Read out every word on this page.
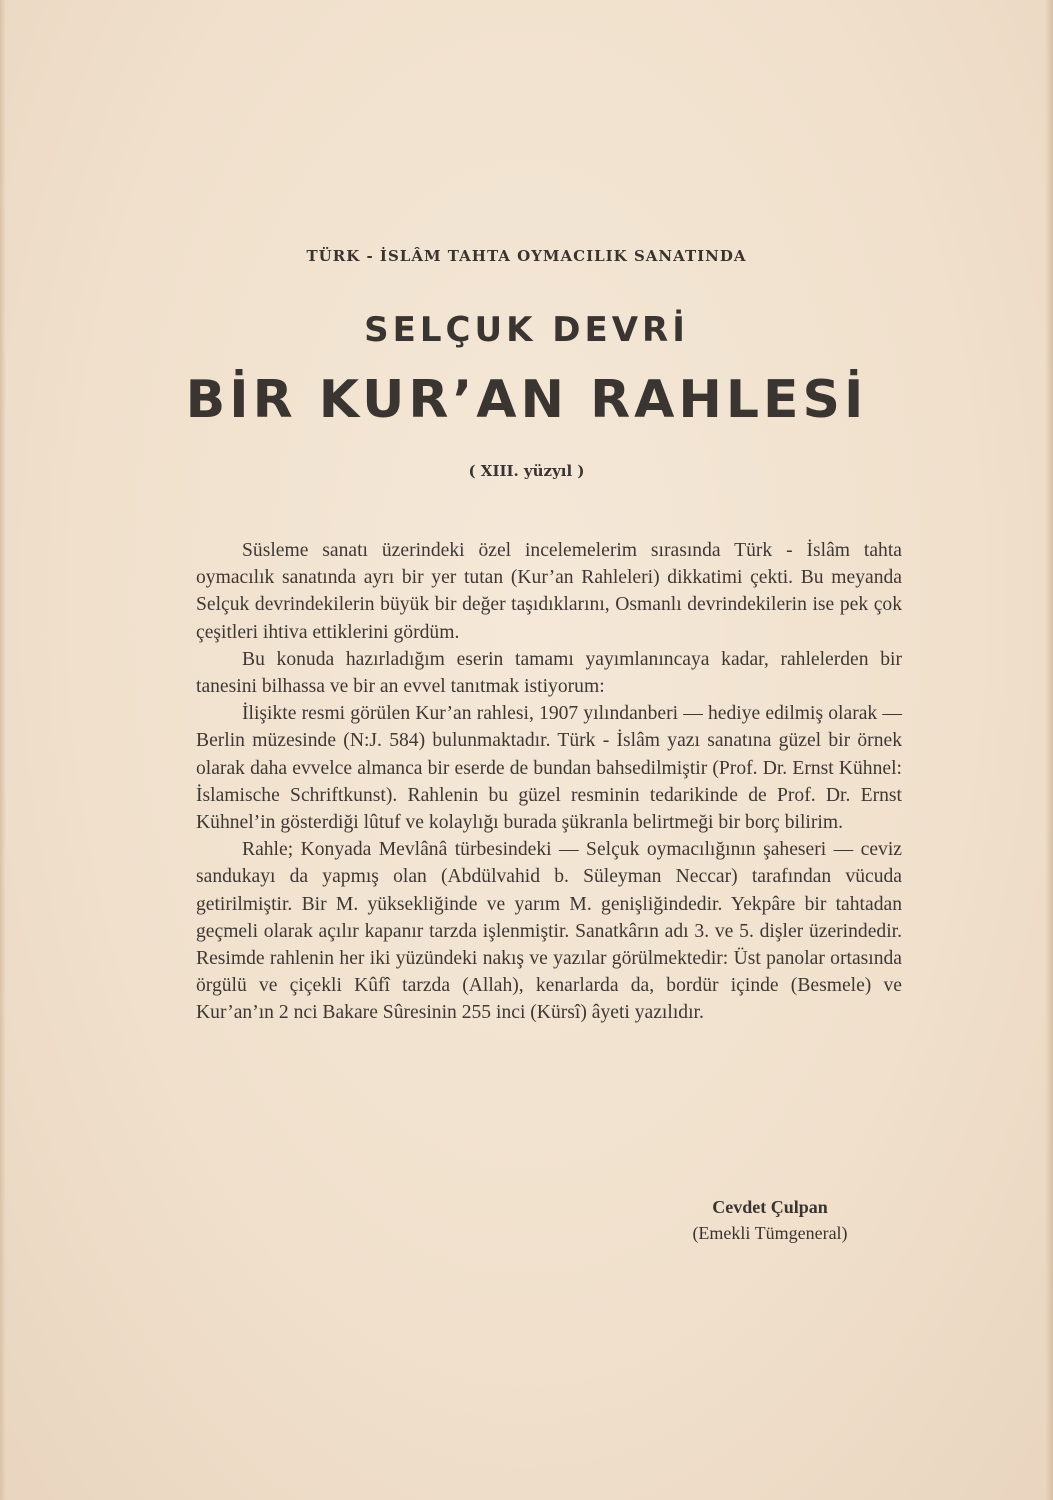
TÜRK - İSLÂM TAHTA OYMACILIK SANATINDA
SELÇUK DEVRİ
BİR KUR’AN RAHLESİ
( XIII. yüzyıl )

Süsleme sanatı üzerindeki özel incelemelerim sırasında Türk - İslâm tahta oymacılık sanatında ayrı bir yer tutan (Kur’an Rahleleri) dikkatimi çekti. Bu meyanda Selçuk devrindekilerin büyük bir değer taşıdıklarını, Osmanlı devrindekilerin ise pek çok çeşitleri ihtiva ettiklerini gördüm.

Bu konuda hazırladığım eserin tamamı yayımlanıncaya kadar, rahlelerden bir tanesini bilhassa ve bir an evvel tanıtmak istiyorum:

İlişikte resmi görülen Kur’an rahlesi, 1907 yılındanberi — hediye edilmiş olarak — Berlin müzesinde (N:J. 584) bulunmaktadır. Türk - İslâm yazı sanatına güzel bir örnek olarak daha evvelce almanca bir eserde de bundan bahsedilmiştir (Prof. Dr. Ernst Kühnel: İslamische Schriftkunst). Rahlenin bu güzel resminin tedarikinde de Prof. Dr. Ernst Kühnel’in gösterdiği lûtuf ve kolaylığı burada şükranla belirtmeği bir borç bilirim.

Rahle; Konyada Mevlânâ türbesindeki — Selçuk oymacılığının şaheseri — ceviz sandukayı da yapmış olan (Abdülvahid b. Süleyman Neccar) tarafından vücuda getirilmiştir. Bir M. yüksekliğinde ve yarım M. genişliğindedir. Yekpâre bir tahtadan geçmeli olarak açılır kapanır tarzda işlenmiştir. Sanatkârın adı 3. ve 5. dişler üzerindedir. Resimde rahlenin her iki yüzündeki nakış ve yazılar görülmektedir: Üst panolar ortasında örgülü ve çiçekli Kûfî tarzda (Allah), kenarlarda da, bordür içinde (Besmele) ve Kur’an’ın 2 nci Bakare Sûresinin 255 inci (Kürsî) âyeti yazılıdır.

Cevdet Çulpan
(Emekli Tümgeneral)
